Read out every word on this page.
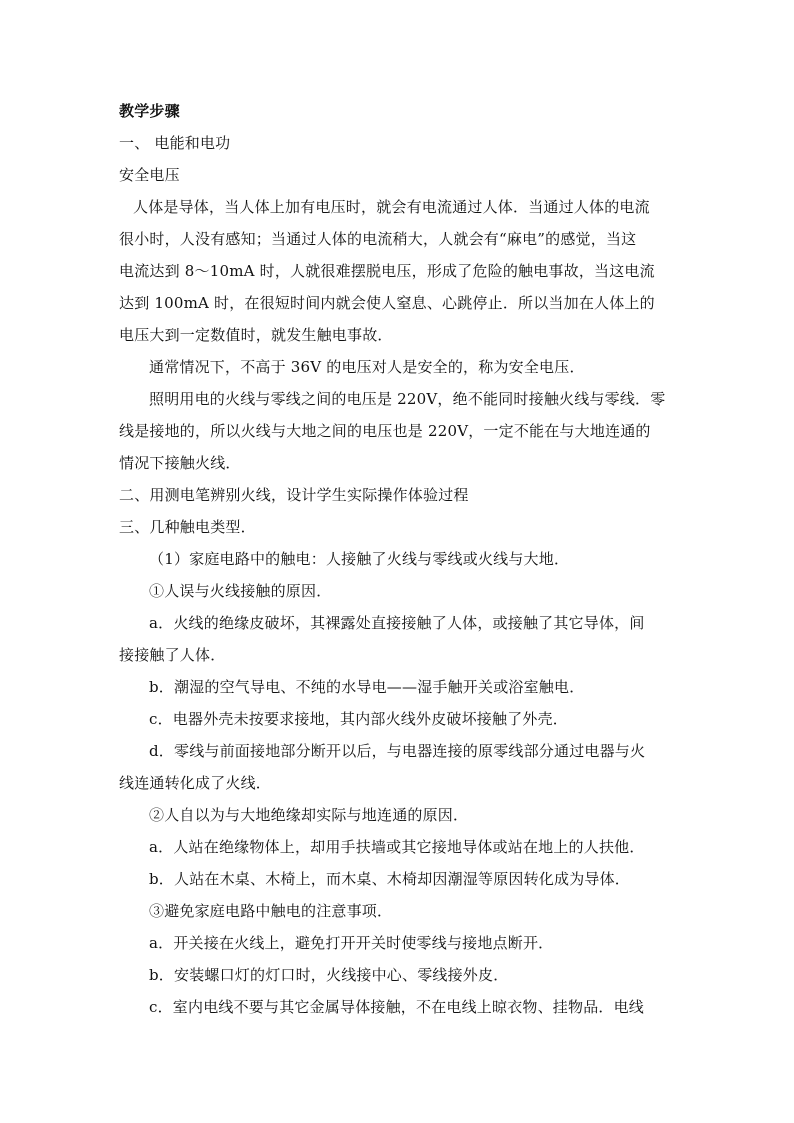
教学步骤
一、 电能和电功
安全电压
人体是导体，当人体上加有电压时，就会有电流通过人体．当通过人体的电流
很小时，人没有感知；当通过人体的电流稍大，人就会有“麻电”的感觉，当这
电流达到 8～10mA 时，人就很难摆脱电压，形成了危险的触电事故，当这电流
达到 100mA 时，在很短时间内就会使人窒息、心跳停止．所以当加在人体上的
电压大到一定数值时，就发生触电事故．
通常情况下，不高于 36V 的电压对人是安全的，称为安全电压．
照明用电的火线与零线之间的电压是 220V，绝不能同时接触火线与零线．零
线是接地的，所以火线与大地之间的电压也是 220V，一定不能在与大地连通的
情况下接触火线．
二、用测电笔辨别火线，设计学生实际操作体验过程
三、几种触电类型．
（1）家庭电路中的触电：人接触了火线与零线或火线与大地．
①人误与火线接触的原因．
a．火线的绝缘皮破坏，其裸露处直接接触了人体，或接触了其它导体，间
接接触了人体．
b．潮湿的空气导电、不纯的水导电——湿手触开关或浴室触电．
c．电器外壳未按要求接地，其内部火线外皮破坏接触了外壳．
d．零线与前面接地部分断开以后，与电器连接的原零线部分通过电器与火
线连通转化成了火线．
②人自以为与大地绝缘却实际与地连通的原因．
a．人站在绝缘物体上，却用手扶墙或其它接地导体或站在地上的人扶他．
b．人站在木桌、木椅上，而木桌、木椅却因潮湿等原因转化成为导体．
③避免家庭电路中触电的注意事项．
a．开关接在火线上，避免打开开关时使零线与接地点断开．
b．安装螺口灯的灯口时，火线接中心、零线接外皮．
c．室内电线不要与其它金属导体接触，不在电线上晾衣物、挂物品．电线
